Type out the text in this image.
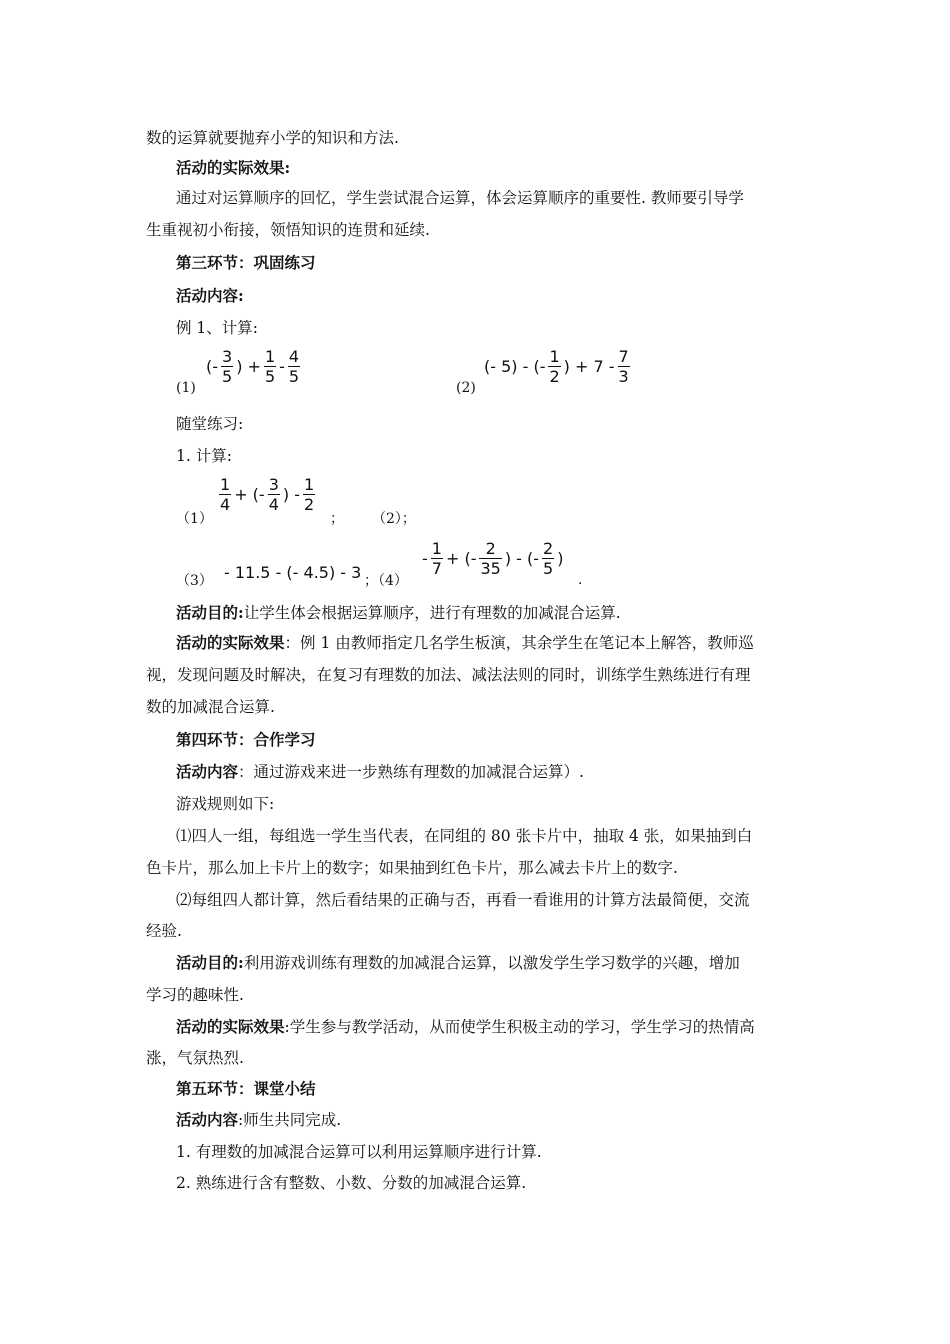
数的运算就要抛弃小学的知识和方法.
活动的实际效果:
通过对运算顺序的回忆，学生尝试混合运算，体会运算顺序的重要性. 教师要引导学
生重视初小衔接，领悟知识的连贯和延续.
第三环节：巩固练习
活动内容:
例 1、计算:
(1)
(- $\frac{3}{5}$ ) + $\frac{1}{5} - \frac{4}{5}$
(2)
(- 5) - (- $\frac{1}{2}$ ) + $7 - \frac{7}{3}$
随堂练习:
1. 计算:
（1）
$\frac{1}{4}$ + (- $\frac{3}{4}$ ) - $\frac{1}{2}$
； （2）；
（3） - 11.5 - (- 4.5) - 3 ；（4）
- $\frac{1}{7}$ + (- $\frac{2}{35}$ ) - (- $\frac{2}{5}$ )
.
活动目的:让学生体会根据运算顺序，进行有理数的加减混合运算.
活动的实际效果：例 1 由教师指定几名学生板演，其余学生在笔记本上解答，教师巡
视，发现问题及时解决，在复习有理数的加法、减法法则的同时，训练学生熟练进行有理
数的加减混合运算.
第四环节：合作学习
活动内容：通过游戏来进一步熟练有理数的加减混合运算）.
游戏规则如下:
⑴四人一组，每组选一学生当代表，在同组的 80 张卡片中，抽取 4 张，如果抽到白
色卡片，那么加上卡片上的数字；如果抽到红色卡片，那么减去卡片上的数字.
⑵每组四人都计算，然后看结果的正确与否，再看一看谁用的计算方法最简便，交流
经验.
活动目的:利用游戏训练有理数的加减混合运算，以激发学生学习数学的兴趣，增加
学习的趣味性.
活动的实际效果:学生参与教学活动，从而使学生积极主动的学习，学生学习的热情高
涨，气氛热烈.
第五环节：课堂小结
活动内容:师生共同完成.
1. 有理数的加减混合运算可以利用运算顺序进行计算.
2. 熟练进行含有整数、小数、分数的加减混合运算.
